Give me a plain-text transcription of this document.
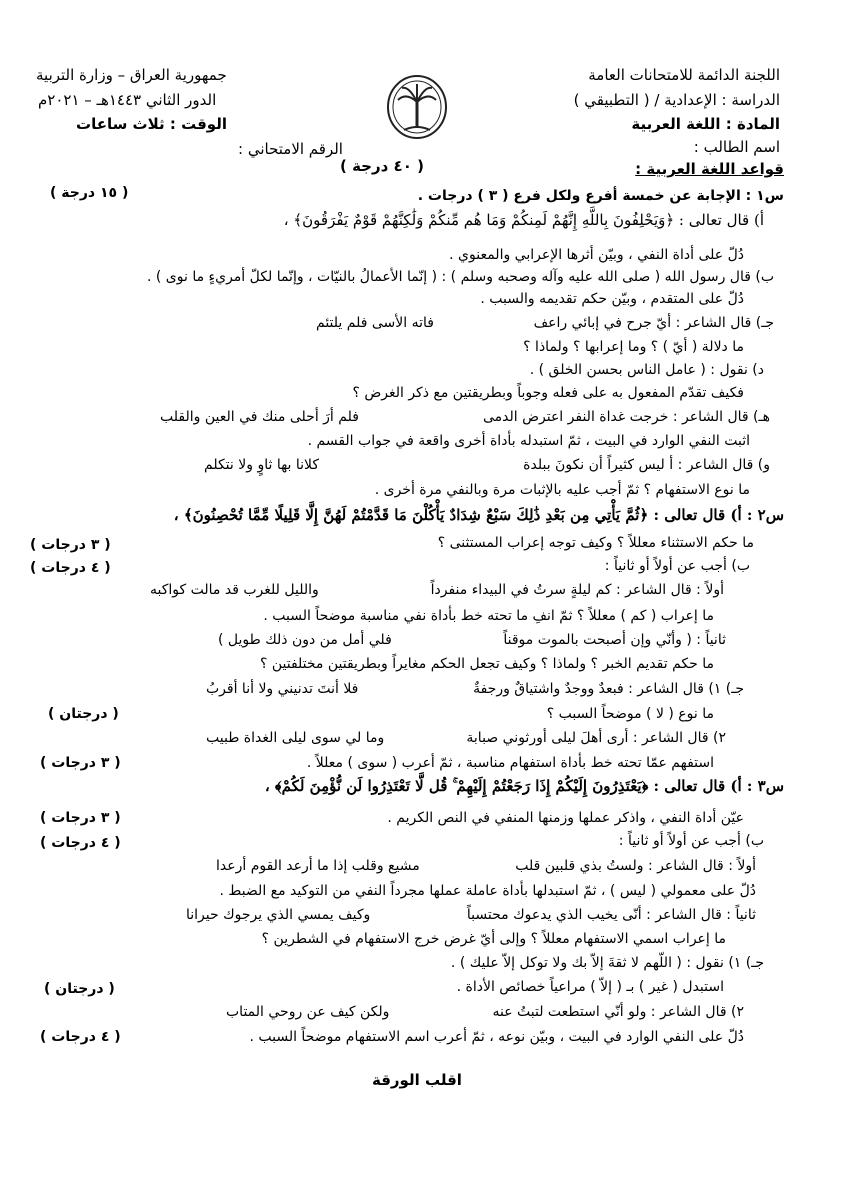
اللجنة الدائمة للامتحانات العامة
الدراسة : الإعدادية / ( التطبيقي )
المادة : اللغة العربية
اسم الطالب :
جمهورية العراق – وزارة التربية
الدور الثاني ١٤٤٣هـ – ٢٠٢١م
الوقت : ثلاث ساعات
الرقم الامتحاني :
قواعد اللغة العربية :
( ٤٠ درجة )
س١ : الإجابة عن خمسة أفرع ولكل فرع ( ٣ ) درجات .
أ) قال تعالى : ﴿وَيَحْلِفُونَ بِاللَّهِ إِنَّهُمْ لَمِنكُمْ وَمَا هُم مِّنكُمْ وَلَٰكِنَّهُمْ قَوْمٌ يَفْرَقُونَ﴾ ،
دُلّ على أداة النفي ، وبيّن أثرها الإعرابي والمعنوي .
ب) قال رسول الله ( صلى الله عليه وآله وصحبه وسلم ) : ( إنّما الأعمالُ بالنيّات ، وإنّما لكلّ أمريءٍ ما نوى ) .
دُلّ على المتقدم ، وبيّن حكم تقديمه والسبب .
جـ) قال الشاعر : أيّ جرح في إبائي راعف
فاته الأسى فلم يلتئم
ما دلالة ( أيّ ) ؟ وما إعرابها ؟ ولماذا ؟
د) نقول : ( عامل الناس بحسن الخلق ) .
فكيف تقدّم المفعول به على فعله وجوباً وبطريقتين مع ذكر الغرض ؟
هـ) قال الشاعر : خرجت غداة النفر اعترض الدمى
فلم أرَ أحلى منك في العين والقلب
اثبت النفي الوارد في البيت ، ثمّ استبدله بأداة أخرى واقعة في جواب القسم .
و) قال الشاعر : أ ليس كثيراً أن نكونَ ببلدة
كلانا بها ثاوٍ ولا نتكلم
ما نوع الاستفهام ؟ ثمّ أجب عليه بالإثبات مرة وبالنفي مرة أخرى .
س٢ : أ) قال تعالى : ﴿ثُمَّ يَأْتِي مِن بَعْدِ ذَٰلِكَ سَبْعٌ شِدَادٌ يَأْكُلْنَ مَا قَدَّمْتُمْ لَهُنَّ إِلَّا قَلِيلًا مِّمَّا تُحْصِنُونَ﴾ ،
ما حكم الاستثناء معللاً ؟ وكيف توجه إعراب المستثنى ؟
ب) أجب عن أولاً أو ثانياً :
أولاً : قال الشاعر : كم ليلةٍ سرتُ في البيداء منفرداً
والليل للغرب قد مالت كواكبه
ما إعراب ( كم ) معللاً ؟ ثمّ انفِ ما تحته خط بأداة نفي مناسبة موضحاً السبب .
ثانياً : ( وأنّي وإن أصبحت بالموت موقناً
فلي أمل من دون ذلك طويل )
ما حكم تقديم الخبر ؟ ولماذا ؟ وكيف تجعل الحكم مغايراً وبطريقتين مختلفتين ؟
جـ) ١) قال الشاعر : فبعدٌ ووجدٌ واشتياقٌ ورجفةٌ
فلا أنتَ تدنيني ولا أنا أقربُ
ما نوع ( لا ) موضحاً السبب ؟
٢) قال الشاعر : أرى أهلَ ليلى أورثوني صبابة
وما لي سوى ليلى الغداة طبيب
استفهم عمّا تحته خط بأداة استفهام مناسبة ، ثمّ أعرب ( سوى ) معللاً .
س٣ : أ) قال تعالى : ﴿يَعْتَذِرُونَ إِلَيْكُمْ إِذَا رَجَعْتُمْ إِلَيْهِمْ ۚ قُل لَّا تَعْتَذِرُوا لَن نُّؤْمِنَ لَكُمْ﴾ ،
عيّن أداة النفي ، واذكر عملها وزمنها المنفي في النص الكريم .
ب) أجب عن أولاً أو ثانياً :
أولاً : قال الشاعر : ولستُ بذي قلبين قلب
مشيع وقلب إذا ما أرعد القوم أرعدا
دُلّ على معمولي ( ليس ) ، ثمّ استبدلها بأداة عاملة عملها مجرداً النفي من التوكيد مع الضبط .
ثانياً : قال الشاعر : أنّى يخيب الذي يدعوك محتسباً
وكيف يمسي الذي يرجوك حيرانا
ما إعراب اسمي الاستفهام معللاً ؟ وإلى أيّ غرض خرج الاستفهام في الشطرين ؟
جـ) ١) نقول : ( اللّهم لا ثقةَ إلاّ بك ولا توكل إلاّ عليك ) .
استبدل ( غير ) بـ ( إلاّ ) مراعياً خصائص الأداة .
٢) قال الشاعر : ولو أنّي استطعت لتبتُ عنه
ولكن كيف عن روحي المتاب
دُلّ على النفي الوارد في البيت ، وبيّن نوعه ، ثمّ أعرب اسم الاستفهام موضحاً السبب .
( ١٥ درجة )
( ٣ درجات )
( ٤ درجات )
( درجتان )
( ٣ درجات )
( ٣ درجات )
( ٤ درجات )
( درجتان )
( ٤ درجات )
اقلب الورقة
